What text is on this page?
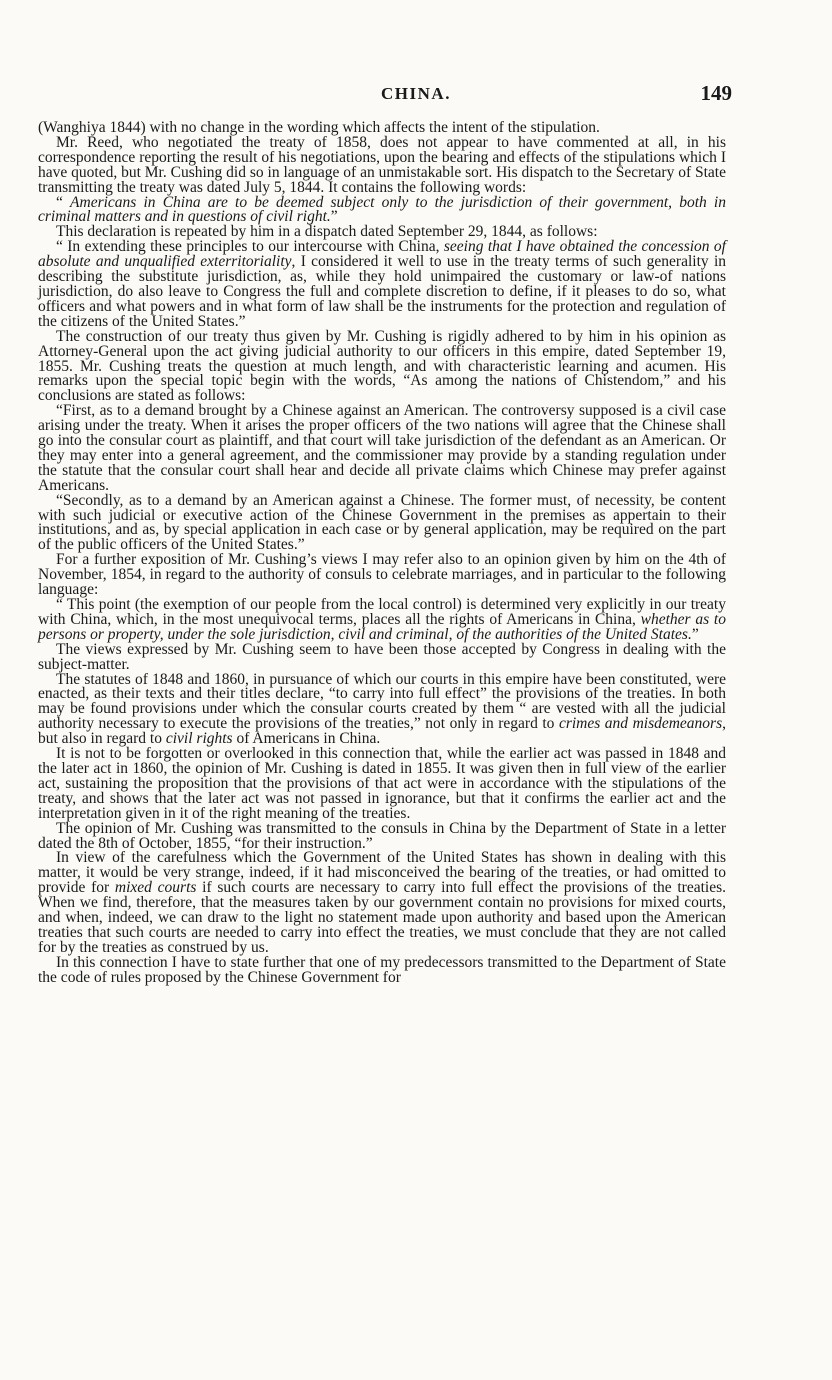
CHINA.	149

(Wanghiya 1844) with no change in the wording which affects the intent of the stipulation.

Mr. Reed, who negotiated the treaty of 1858, does not appear to have commented at all, in his correspondence reporting the result of his negotiations, upon the bearing and effects of the stipulations which I have quoted, but Mr. Cushing did so in language of an unmistakable sort. His dispatch to the Secretary of State transmitting the treaty was dated July 5, 1844. It contains the following words:

“ Americans in China are to be deemed subject only to the jurisdiction of their government, both in criminal matters and in questions of civil right.”

This declaration is repeated by him in a dispatch dated September 29, 1844, as follows:

“ In extending these principles to our intercourse with China, seeing that I have obtained the concession of absolute and unqualified exterritoriality, I considered it well to use in the treaty terms of such generality in describing the substitute jurisdiction, as, while they hold unimpaired the customary or law-of nations jurisdiction, do also leave to Congress the full and complete discretion to define, if it pleases to do so, what officers and what powers and in what form of law shall be the instruments for the protection and regulation of the citizens of the United States.”

The construction of our treaty thus given by Mr. Cushing is rigidly adhered to by him in his opinion as Attorney-General upon the act giving judicial authority to our officers in this empire, dated September 19, 1855. Mr. Cushing treats the question at much length, and with characteristic learning and acumen. His remarks upon the special topic begin with the words, “As among the nations of Chistendom,” and his conclusions are stated as follows:

“First, as to a demand brought by a Chinese against an American. The controversy supposed is a civil case arising under the treaty. When it arises the proper officers of the two nations will agree that the Chinese shall go into the consular court as plaintiff, and that court will take jurisdiction of the defendant as an American. Or they may enter into a general agreement, and the commissioner may provide by a standing regulation under the statute that the consular court shall hear and decide all private claims which Chinese may prefer against Americans.

“Secondly, as to a demand by an American against a Chinese. The former must, of necessity, be content with such judicial or executive action of the Chinese Government in the premises as appertain to their institutions, and as, by special application in each case or by general application, may be required on the part of the public officers of the United States.”

For a further exposition of Mr. Cushing’s views I may refer also to an opinion given by him on the 4th of November, 1854, in regard to the authority of consuls to celebrate marriages, and in particular to the following language:

“ This point (the exemption of our people from the local control) is determined very explicitly in our treaty with China, which, in the most unequivocal terms, places all the rights of Americans in China, whether as to persons or property, under the sole jurisdiction, civil and criminal, of the authorities of the United States.”

The views expressed by Mr. Cushing seem to have been those accepted by Congress in dealing with the subject-matter.

The statutes of 1848 and 1860, in pursuance of which our courts in this empire have been constituted, were enacted, as their texts and their titles declare, “to carry into full effect” the provisions of the treaties. In both may be found provisions under which the consular courts created by them “ are vested with all the judicial authority necessary to execute the provisions of the treaties,” not only in regard to crimes and misdemeanors, but also in regard to civil rights of Americans in China.

It is not to be forgotten or overlooked in this connection that, while the earlier act was passed in 1848 and the later act in 1860, the opinion of Mr. Cushing is dated in 1855. It was given then in full view of the earlier act, sustaining the proposition that the provisions of that act were in accordance with the stipulations of the treaty, and shows that the later act was not passed in ignorance, but that it confirms the earlier act and the interpretation given in it of the right meaning of the treaties.

The opinion of Mr. Cushing was transmitted to the consuls in China by the Department of State in a letter dated the 8th of October, 1855, “for their instruction.”

In view of the carefulness which the Government of the United States has shown in dealing with this matter, it would be very strange, indeed, if it had misconceived the bearing of the treaties, or had omitted to provide for mixed courts if such courts are necessary to carry into full effect the provisions of the treaties. When we find, therefore, that the measures taken by our government contain no provisions for mixed courts, and when, indeed, we can draw to the light no statement made upon authority and based upon the American treaties that such courts are needed to carry into effect the treaties, we must conclude that they are not called for by the treaties as construed by us.

In this connection I have to state further that one of my predecessors transmitted to the Department of State the code of rules proposed by the Chinese Government for
